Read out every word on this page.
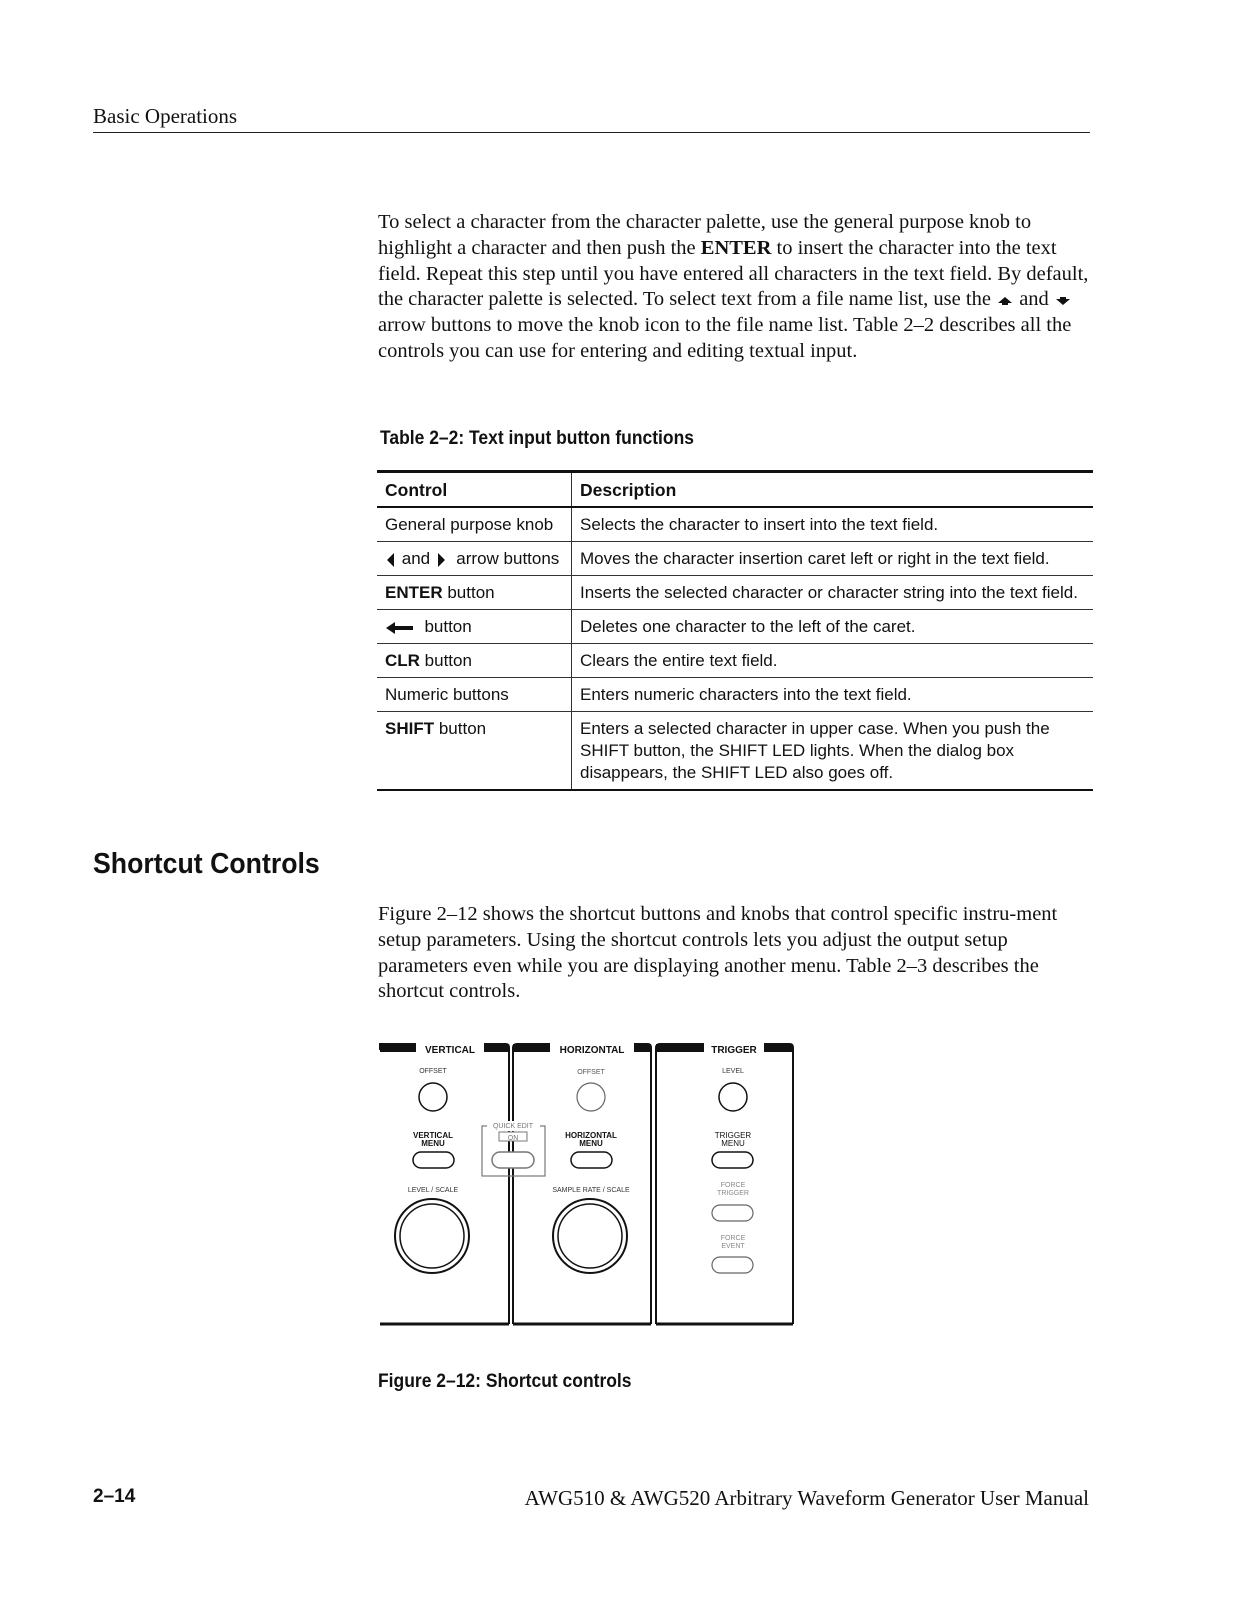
Basic Operations

To select a character from the character palette, use the general purpose knob to highlight a character and then push the ENTER to insert the character into the text field. Repeat this step until you have entered all characters in the text field. By default, the character palette is selected. To select text from a file name list, use the  and  arrow buttons to move the knob icon to the file name list. Table 2–2 describes all the controls you can use for entering and editing textual input.

Table 2–2: Text input button functions
Control	Description
General purpose knob	Selects the character to insert into the text field.
and arrow buttons	Moves the character insertion caret left or right in the text field.
ENTER button	Inserts the selected character or character string into the text field.
button	Deletes one character to the left of the caret.
CLR button	Clears the entire text field.
Numeric buttons	Enters numeric characters into the text field.
SHIFT button	Enters a selected character in upper case. When you push the SHIFT button, the SHIFT LED lights. When the dialog box disappears, the SHIFT LED also goes off.
Shortcut Controls

Figure 2–12 shows the shortcut buttons and knobs that control specific instru-ment setup parameters. Using the shortcut controls lets you adjust the output setup parameters even while you are displaying another menu. Table 2–3 describes the shortcut controls.

VERTICAL	HORIZONTAL	TRIGGER
OFFSET
VERTICAL
MENU
LEVEL / SCALE
QUICK EDIT
ON
OFFSET
HORIZONTAL
MENU
SAMPLE RATE / SCALE
LEVEL
TRIGGER
MENU
FORCE
TRIGGER
FORCE
EVENT
Figure 2–12: Shortcut controls
2–14	AWG510 & AWG520 Arbitrary Waveform Generator User Manual
